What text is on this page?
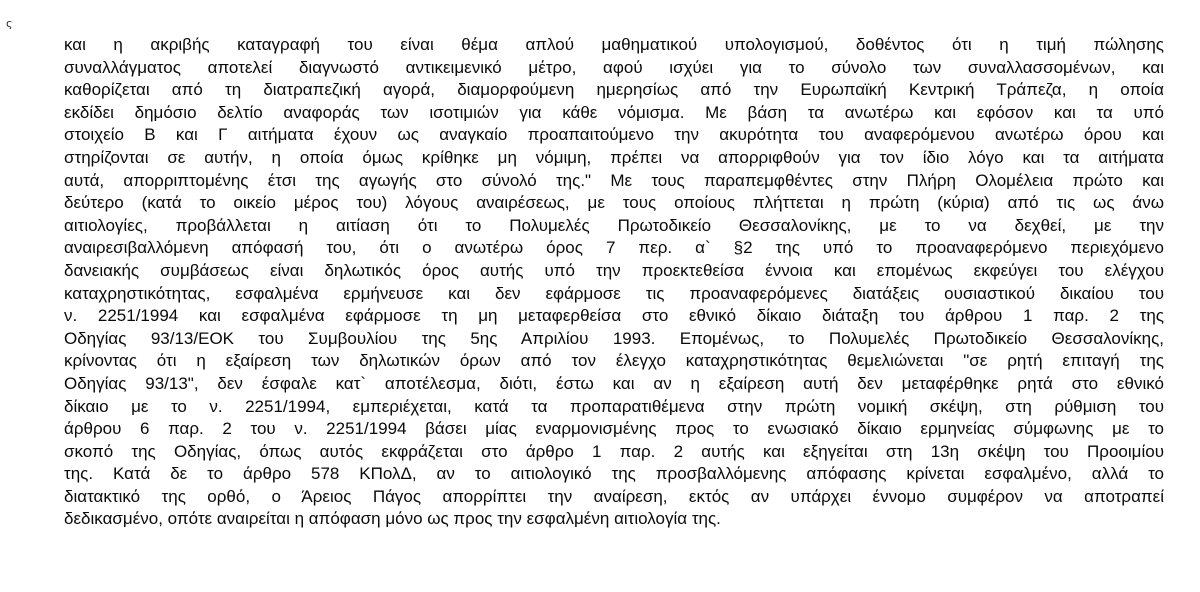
ς
και η ακριβής καταγραφή του είναι θέμα απλού μαθηματικού υπολογισμού, δοθέντος ότι η τιμή πώλησης
συναλλάγματος αποτελεί διαγνωστό αντικειμενικό μέτρο, αφού ισχύει για το σύνολο των συναλλασσομένων, και
καθορίζεται από τη διατραπεζική αγορά, διαμορφούμενη ημερησίως από την Ευρωπαϊκή Κεντρική Τράπεζα, η οποία
εκδίδει δημόσιο δελτίο αναφοράς των ισοτιμιών για κάθε νόμισμα. Με βάση τα ανωτέρω και εφόσον και τα υπό
στοιχείο Β και Γ αιτήματα έχουν ως αναγκαίο προαπαιτούμενο την ακυρότητα του αναφερόμενου ανωτέρω όρου και
στηρίζονται σε αυτήν, η οποία όμως κρίθηκε μη νόμιμη, πρέπει να απορριφθούν για τον ίδιο λόγο και τα αιτήματα
αυτά, απορριπτομένης έτσι της αγωγής στο σύνολό της." Με τους παραπεμφθέντες στην Πλήρη Ολομέλεια πρώτο και
δεύτερο (κατά το οικείο μέρος του) λόγους αναιρέσεως, με τους οποίους πλήττεται η πρώτη (κύρια) από τις ως άνω
αιτιολογίες, προβάλλεται η αιτίαση ότι το Πολυμελές Πρωτοδικείο Θεσσαλονίκης, με το να δεχθεί, με την
αναιρεσιβαλλόμενη απόφασή του, ότι ο ανωτέρω όρος 7 περ. α` §2 της υπό το προαναφερόμενο περιεχόμενο
δανειακής συμβάσεως είναι δηλωτικός όρος αυτής υπό την προεκτεθείσα έννοια και επομένως εκφεύγει του ελέγχου
καταχρηστικότητας, εσφαλμένα ερμήνευσε και δεν εφάρμοσε τις προαναφερόμενες διατάξεις ουσιαστικού δικαίου του
ν. 2251/1994 και εσφαλμένα εφάρμοσε τη μη μεταφερθείσα στο εθνικό δίκαιο διάταξη του άρθρου 1 παρ. 2 της
Οδηγίας 93/13/ΕΟΚ του Συμβουλίου της 5ης Απριλίου 1993. Επομένως, το Πολυμελές Πρωτοδικείο Θεσσαλονίκης,
κρίνοντας ότι η εξαίρεση των δηλωτικών όρων από τον έλεγχο καταχρηστικότητας θεμελιώνεται "σε ρητή επιταγή της
Οδηγίας 93/13", δεν έσφαλε κατ` αποτέλεσμα, διότι, έστω και αν η εξαίρεση αυτή δεν μεταφέρθηκε ρητά στο εθνικό
δίκαιο με το ν. 2251/1994, εμπεριέχεται, κατά τα προπαρατιθέμενα στην πρώτη νομική σκέψη, στη ρύθμιση του
άρθρου 6 παρ. 2 του ν. 2251/1994 βάσει μίας εναρμονισμένης προς το ενωσιακό δίκαιο ερμηνείας σύμφωνης με το
σκοπό της Οδηγίας, όπως αυτός εκφράζεται στο άρθρο 1 παρ. 2 αυτής και εξηγείται στη 13η σκέψη του Προοιμίου
της. Κατά δε το άρθρο 578 ΚΠολΔ, αν το αιτιολογικό της προσβαλλόμενης απόφασης κρίνεται εσφαλμένο, αλλά το
διατακτικό της ορθό, ο Άρειος Πάγος απορρίπτει την αναίρεση, εκτός αν υπάρχει έννομο συμφέρον να αποτραπεί
δεδικασμένο, οπότε αναιρείται η απόφαση μόνο ως προς την εσφαλμένη αιτιολογία της.
